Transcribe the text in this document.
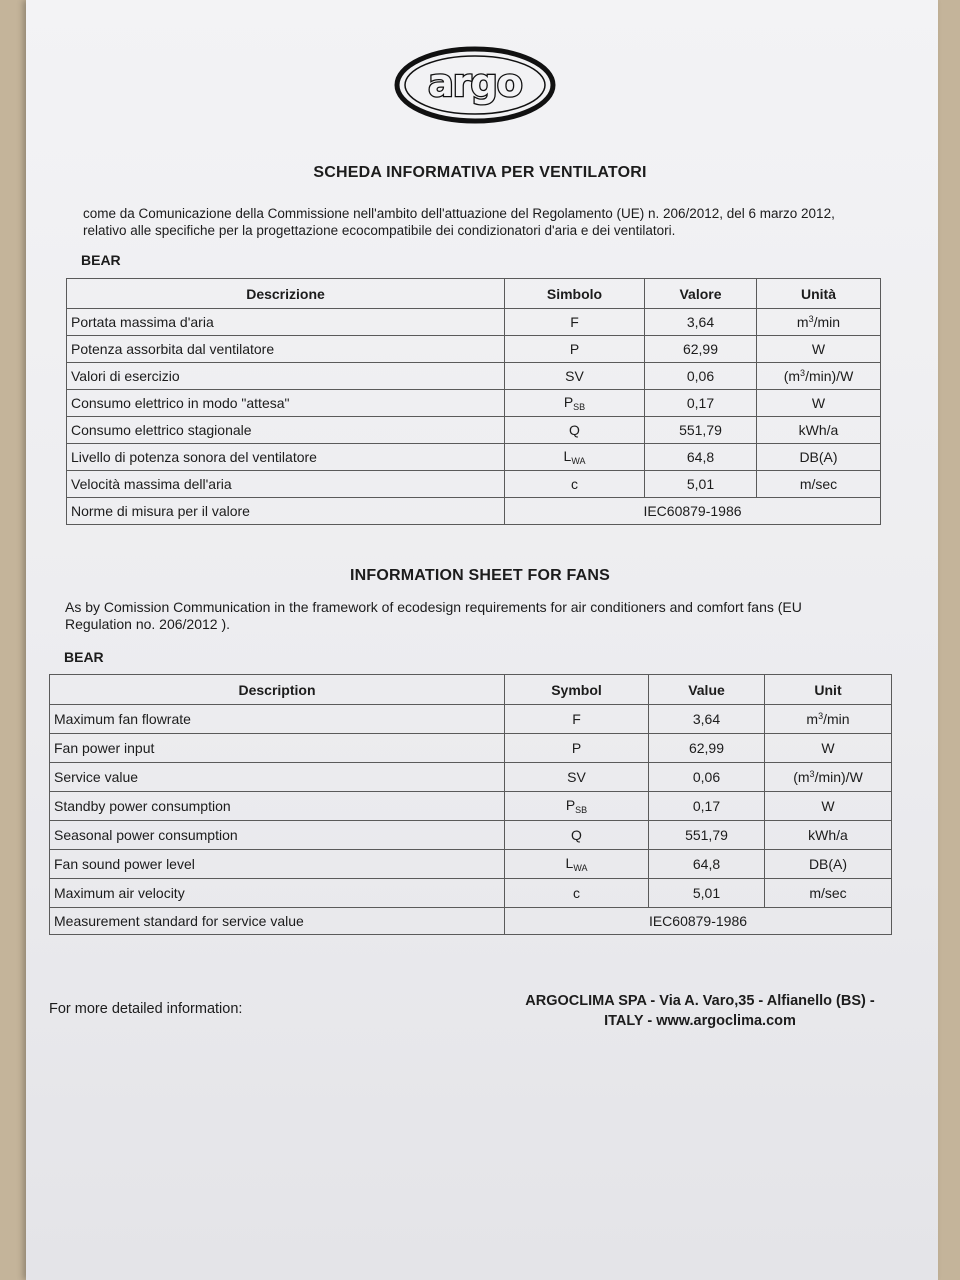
argo
SCHEDA INFORMATIVA PER VENTILATORI
come da Comunicazione della Commissione nell'ambito dell'attuazione del Regolamento (UE) n. 206/2012, del 6 marzo 2012,
relativo alle specifiche per la progettazione ecocompatibile dei condizionatori d'aria e dei ventilatori.
BEAR
Descrizione	Simbolo	Valore	Unità
Portata massima d'aria	F	3,64	$m^3/\min$
Potenza assorbita dal ventilatore	P	62,99	W
Valori di esercizio	SV	0,06	$(m^3/\min)/W$
Consumo elettrico in modo "attesa"	$P_{SB}$	0,17	W
Consumo elettrico stagionale	Q	551,79	kWh/a
Livello di potenza sonora del ventilatore	$L_{WA}$	64,8	DB(A)
Velocità massima dell'aria	c	5,01	m/sec
Norme di misura per il valore	IEC60879-1986		
INFORMATION SHEET FOR FANS
As by Comission Communication in the framework of ecodesign requirements for air conditioners and comfort fans (EU
Regulation no. 206/2012 ).
BEAR
Description	Symbol	Value	Unit
Maximum fan flowrate	F	3,64	$m^3/\min$
Fan power input	P	62,99	W
Service value	SV	0,06	$(m^3/\min)/W$
Standby power consumption	$P_{SB}$	0,17	W
Seasonal power consumption	Q	551,79	kWh/a
Fan sound power level	$L_{WA}$	64,8	DB(A)
Maximum air velocity	c	5,01	m/sec
Measurement standard for service value	IEC60879-1986		
For more detailed information:	ARGOCLIMA SPA - Via A. Varo,35 - Alfianello (BS) -
ITALY - www.argoclima.com
